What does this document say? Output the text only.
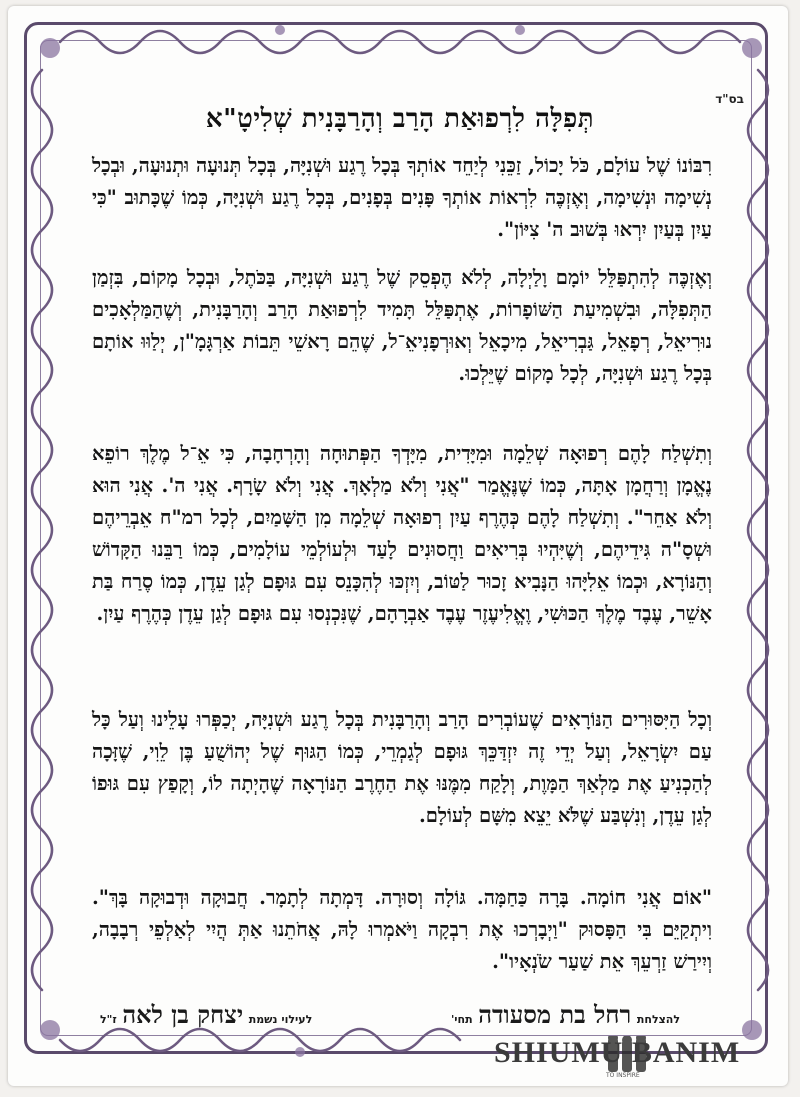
בס"ד
תְּפִלָּה לִרְפוּאַת הָרַב וְהָרַבָּנִית שְׁלִיטָ"א
רִבּוֹנוֹ שֶׁל עוֹלָם, כֹּל יָכוֹל, זַכֵּנִי לְיַחֵד אוֹתְךָ בְּכָל רֶגַע וּשְׁנִיָּה, בְּכָל תְּנוּעָה וּתְנוּעָה, וּבְכָל נְשִׁימָה וּנְשִׁימָה, וְאֶזְכֶּה לִרְאוֹת אוֹתְךָ פָּנִים בְּפָנִים, בְּכָל רֶגַע וּשְׁנִיָּה, כְּמוֹ שֶׁכָּתוּב "כִּי עַיִן בְּעַיִן יִרְאוּ בְּשׁוּב ה' צִיּוֹן".
וְאֶזְכֶּה לְהִתְפַּלֵּל יוֹמָם וָלַיְלָה, לְלֹא הֶפְסֵק שֶׁל רֶגַע וּשְׁנִיָּה, בַּכֹּתֶל, וּבְכָל מָקוֹם, בִּזְמַן הַתְּפִלָּה, וּבִשְׁמִיעַת הַשּׁוֹפָרוֹת, אֶתְפַּלֵּל תָּמִיד לִרְפוּאַת הָרַב וְהָרַבָּנִית, וְשֶׁהַמַּלְאָכִים נוּרִיאֵל, רְפָאֵל, גַּבְרִיאֵל, מִיכָאֵל וְאוּרְפָנִיאֵ־ל, שֶׁהֵם רָאשֵׁי תֵּבוֹת אַרְגָּמָ"ן, יְלַוּוּ אוֹתָם בְּכָל רֶגַע וּשְׁנִיָּה, לְכָל מָקוֹם שֶׁיֵּלְכוּ.
וְתִשְׁלַח לָהֶם רְפוּאָה שְׁלֵמָה וּמִיָּדִית, מִיָּדְךָ הַפְּתוּחָה וְהָרְחָבָה, כִּי אֵ־ל מֶלֶךְ רוֹפֵא נֶאֱמָן וְרַחֲמָן אָתָּה, כְּמוֹ שֶׁנֶּאֱמַר "אֲנִי וְלֹא מַלְאָךְ. אֲנִי וְלֹא שָׂרָף. אֲנִי ה'. אֲנִי הוּא וְלֹא אַחֵר". וְתִשְׁלַח לָהֶם כְּהֶרֶף עַיִן רְפוּאָה שְׁלֵמָה מִן הַשָּׁמַיִם, לְכָל רמ"ח אֵבְרֵיהֶם וּשְׁסָ"ה גִּידֵיהֶם, וְשֶׁיִּהְיוּ בְּרִיאִים וַחֲסוּנִים לָעַד וּלְעוֹלְמֵי עוֹלָמִים, כְּמוֹ רַבֵּנוּ הַקָּדוֹשׁ וְהַנּוֹרָא, וּכְמוֹ אֵלִיָּהוּ הַנָּבִיא זָכוּר לַטּוֹב, וְיִזְכּוּ לְהִכָּנֵס עִם גּוּפָם לְגַן עֵדֶן, כְּמוֹ סֶרַח בַּת אָשֵׁר, עֶבֶד מֶלֶךְ הַכּוּשִׁי, וֶאֱלִיעֶזֶר עֶבֶד אַבְרָהָם, שֶׁנִּכְנְסוּ עִם גּוּפָם לְגַן עֵדֶן כְּהֶרֶף עַיִן.
וְכָל הַיִּסּוּרִים הַנּוֹרָאִים שֶׁעוֹבְרִים הָרַב וְהָרַבָּנִית בְּכָל רֶגַע וּשְׁנִיָּה, יְכַפְּרוּ עָלֵינוּ וְעַל כָּל עַם יִשְׂרָאֵל, וְעַל יְדֵי זֶה יִזְדַּכֵּךְ גּוּפָם לְגַמְרֵי, כְּמוֹ הַגּוּף שֶׁל יְהוֹשֻׁעַ בֶּן לֵוִי, שֶׁזָּכָה לְהַכְנִיעַ אֶת מַלְאַךְ הַמָּוֶת, וְלָקַח מִמֶּנּוּ אֶת הַחֶרֶב הַנּוֹרָאָה שֶׁהָיְתָה לוֹ, וְקָפַץ עִם גּוּפוֹ לְגַן עֵדֶן, וְנִשְׁבַּע שֶׁלֹּא יֵצֵא מִשָּׁם לְעוֹלָם.
"אוֹם אֲנִי חוֹמָה. בָּרָה כַּחַמָּה. גּוֹלָה וְסוּרָה. דָּמְתָה לְתָמָר. חֲבוּקָה וּדְבוּקָה בָּךְ". וִיתְקַיֵּם בִּי הַפָּסוּק "וַיְבָרְכוּ אֶת רִבְקָה וַיֹּאמְרוּ לָהּ, אֲחֹתֵנוּ אַתְּ הֲיִי לְאַלְפֵי רְבָבָה, וְיִירַשׁ זַרְעֵךְ אֵת שַׁעַר שֹׂנְאָיו".
להצלחת רחל בת מסעודה תחי'
לעילוי נשמת יצחק בן לאה ז"ל
SHIUMU BANIM
TO INSPIRE
